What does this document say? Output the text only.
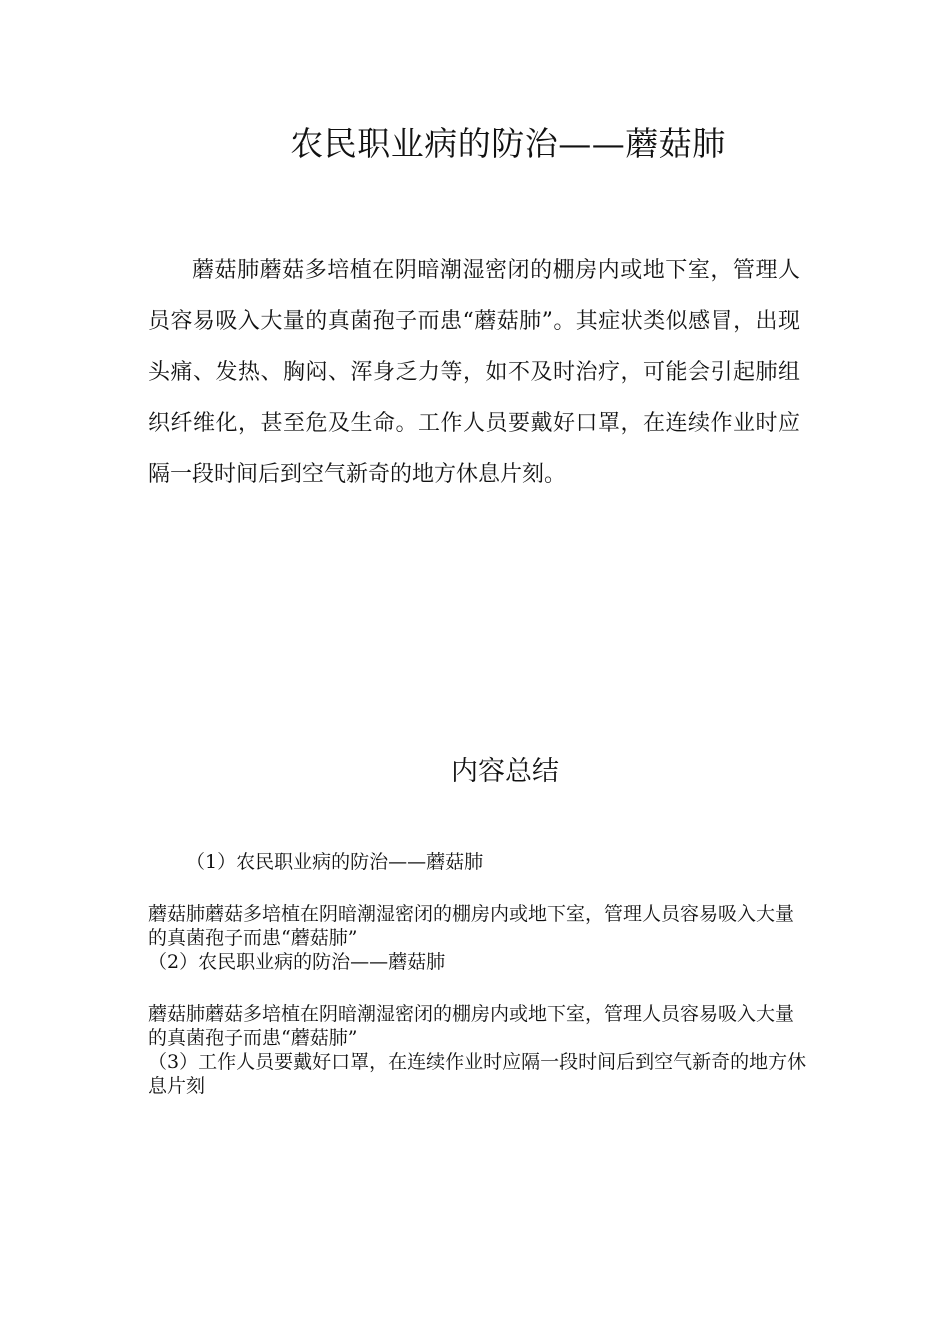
农民职业病的防治——蘑菇肺

蘑菇肺蘑菇多培植在阴暗潮湿密闭的棚房内或地下室，管理人员容易吸入大量的真菌孢子而患“蘑菇肺”。其症状类似感冒，出现头痛、发热、胸闷、浑身乏力等，如不及时治疗，可能会引起肺组织纤维化，甚至危及生命。工作人员要戴好口罩，在连续作业时应隔一段时间后到空气新奇的地方休息片刻。

内容总结

（1）农民职业病的防治——蘑菇肺

蘑菇肺蘑菇多培植在阴暗潮湿密闭的棚房内或地下室，管理人员容易吸入大量的真菌孢子而患“蘑菇肺”

（2）农民职业病的防治——蘑菇肺

蘑菇肺蘑菇多培植在阴暗潮湿密闭的棚房内或地下室，管理人员容易吸入大量的真菌孢子而患“蘑菇肺”

（3）工作人员要戴好口罩，在连续作业时应隔一段时间后到空气新奇的地方休息片刻
